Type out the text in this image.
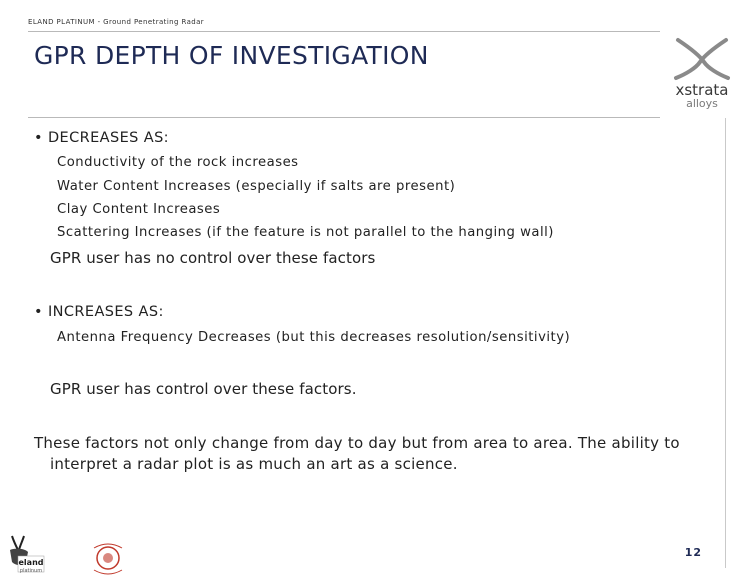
ELAND PLATINUM - Ground Penetrating Radar
GPR DEPTH OF INVESTIGATION
xstrata
alloys
• DECREASES AS:
Conductivity of the rock increases
Water Content Increases (especially if salts are present)
Clay Content Increases
Scattering Increases (if the feature is not parallel to the hanging wall)
GPR user has no control over these factors
• INCREASES AS:
Antenna Frequency Decreases (but this decreases resolution/sensitivity)
GPR user has control over these factors.
These factors not only change from day to day but from area to area. The ability to
interpret a radar plot is as much an art as a science.
eland
platinum
12
